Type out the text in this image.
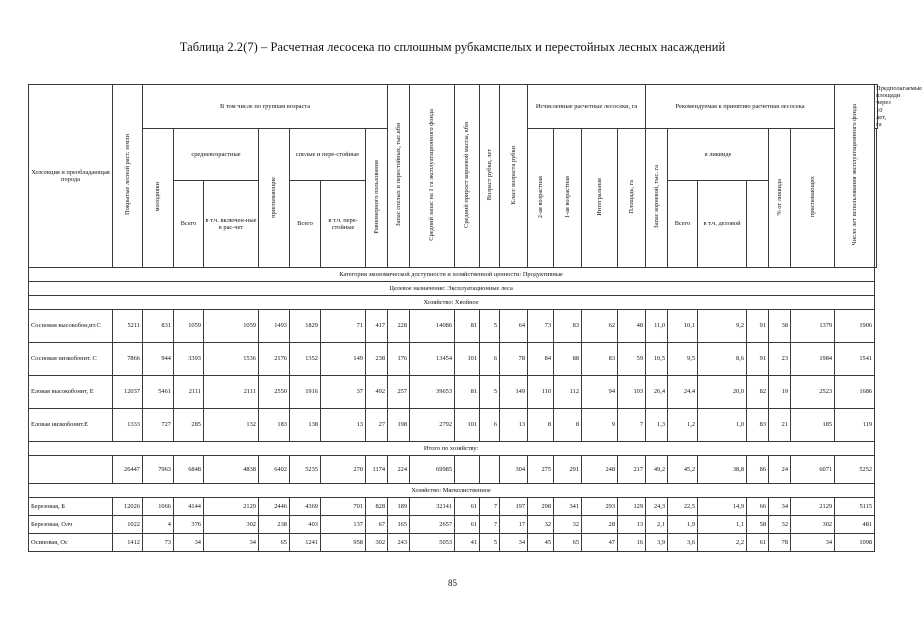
Таблица 2.2(7) – Расчетная лесосека по сплошным рубкамспелых и перестойных лесных насаждений
Хозсекция и преобладающая порода	Покрытые лесной раст. земли	В том числе по группам возраста							Запас спелых и перестойных, тыс.кбм	Средний запас на 1 га эксплуатационного фонда	Средний прирост корневой массы, кбм	Возраст рубки, лет	Класс возраста рубки	Исчисленные расчетные лесосеки, га				Рекомендуемая к принятию расчетная лесосека						Число лет использования эксплуатационного фонда	Предполагаемые площади через 10 лет, га
		молодняки	средневозрастные		приспевающие	спелые и пере-стойные		Равномерного пользования						2-ая возрастная	1-ая возрастная	Интегральная	Площадь, га	Запас корневой, тыс. га	в ликвиде			% от ликвида	приспевающих	
			Всего	в т.ч. включен-ные в рас-чет		Всего	в т.ч. пере-стойные												Всего	в т.ч. деловой					
Категория экономической доступности и хозяйственной ценности: Продуктивные																									
Целевое назначение: Эксплуатационные леса																									
Хозяйство: Хвойное																									
Сосновая высокобон,ит.С	5211	831	1059	1059	1493	1829	71	417	228	14086	81	5	64	73	83	62	48	11,0	10,1	9,2	91	38	1379	1906	
Сосновая низкобонит. С	7866	944	3393	1536	2176	1352	149	238	176	13454	101	6	78	84	88	83	59	10,5	9,5	8,6	91	23	1984	1541	
Еловая высокобонит, Е	12037	5461	2111	2111	2550	1916	37	492	257	39653	81	5	149	110	112	94	103	26,4	24,4	20,0	82	19	2523	1686	
Еловая низкобонит.Е	1333	727	285	132	183	138	13	27	198	2792	101	6	13	8	8	9	7	1,3	1,2	1,0	83	21	185	119	
Итого по хозяйству:																									
	26447	7963	6848	4838	6402	5235	270	1174	224	69985			304	275	291	248	217	49,2	45,2	38,8	86	24	6071	5252	
Хозяйство: Мягколиственное																									
Березовая, Б	12026	1066	4144	2129	2446	4369	701	828	189	32141	61	7	197	298	341	293	129	24,3	22,5	14,9	66	34	2129	5115	
Березовая, Олч	1022	4	376	302	238	403	137	67	165	2657	61	7	17	32	32	28	13	2,1	1,9	1,1	58	32	302	481	
Осиновая, Ос	1412	73	34	34	65	1241	958	302	243	5053	41	5	34	45	65	47	16	3,9	3,6	2,2	61	78	34	1098	
85
